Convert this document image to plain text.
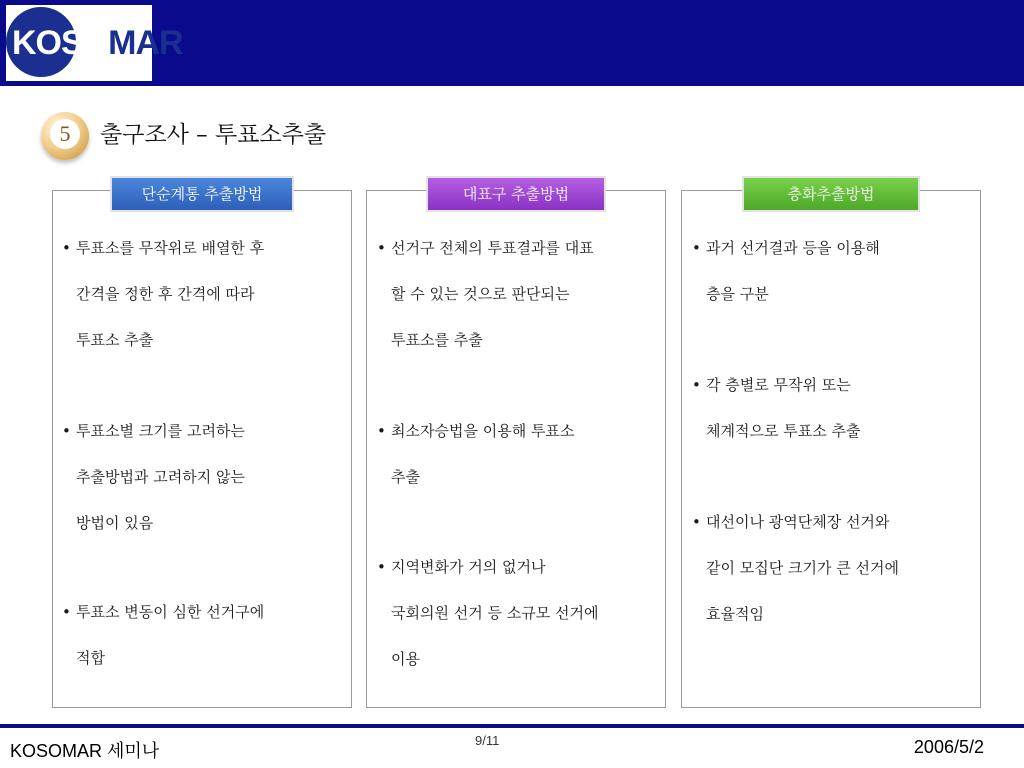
KOSOMAR
5	출구조사 – 투표소추출
단순계통 추출방법
• 투표소를 무작위로 배열한 후
간격을 정한 후 간격에 따라
투표소 추출
• 투표소별 크기를 고려하는
추출방법과 고려하지 않는
방법이 있음
• 투표소 변동이 심한 선거구에
적합
대표구 추출방법
• 선거구 전체의 투표결과를 대표
할 수 있는 것으로 판단되는
투표소를 추출
• 최소자승법을 이용해 투표소
추출
• 지역변화가 거의 없거나
국회의원 선거 등 소규모 선거에
이용
층화추출방법
• 과거 선거결과 등을 이용해
층을 구분
• 각 층별로 무작위 또는
체계적으로 투표소 추출
• 대선이나 광역단체장 선거와
같이 모집단 크기가 큰 선거에
효율적임
KOSOMAR 세미나
9/11	2006/5/2
